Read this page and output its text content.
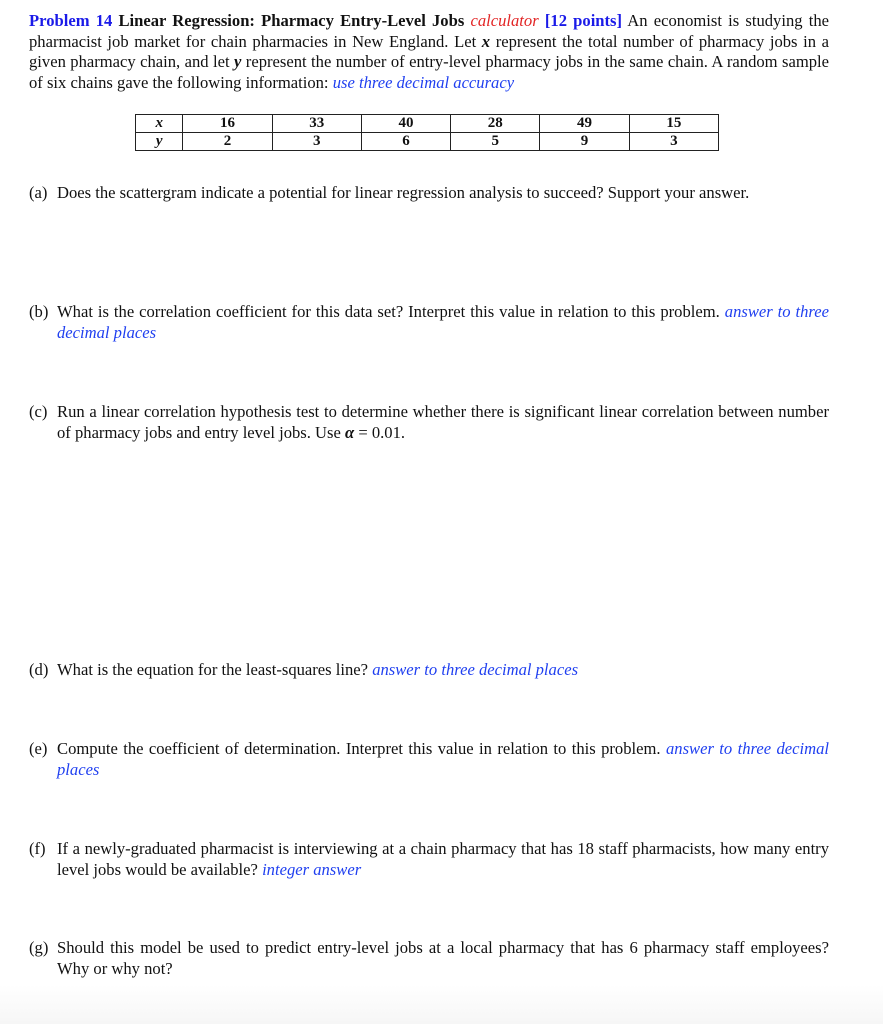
Problem 14 Linear Regression: Pharmacy Entry-Level Jobs calculator [12 points] An economist is studying the pharmacist job market for chain pharmacies in New England. Let x represent the total number of pharmacy jobs in a given pharmacy chain, and let y represent the number of entry-level pharmacy jobs in the same chain. A random sample of six chains gave the following information: use three decimal accuracy
x	16	33	40	28	49	15
y	2	3	6	5	9	3
(a) Does the scattergram indicate a potential for linear regression analysis to succeed? Support your answer.
(b) What is the correlation coefficient for this data set? Interpret this value in relation to this problem. answer to three decimal places
(c) Run a linear correlation hypothesis test to determine whether there is significant linear correlation between number of pharmacy jobs and entry level jobs. Use α = 0.01.
(d) What is the equation for the least-squares line? answer to three decimal places
(e) Compute the coefficient of determination. Interpret this value in relation to this problem. answer to three decimal places
(f) If a newly-graduated pharmacist is interviewing at a chain pharmacy that has 18 staff pharmacists, how many entry level jobs would be available? integer answer
(g) Should this model be used to predict entry-level jobs at a local pharmacy that has 6 pharmacy staff employees? Why or why not?
